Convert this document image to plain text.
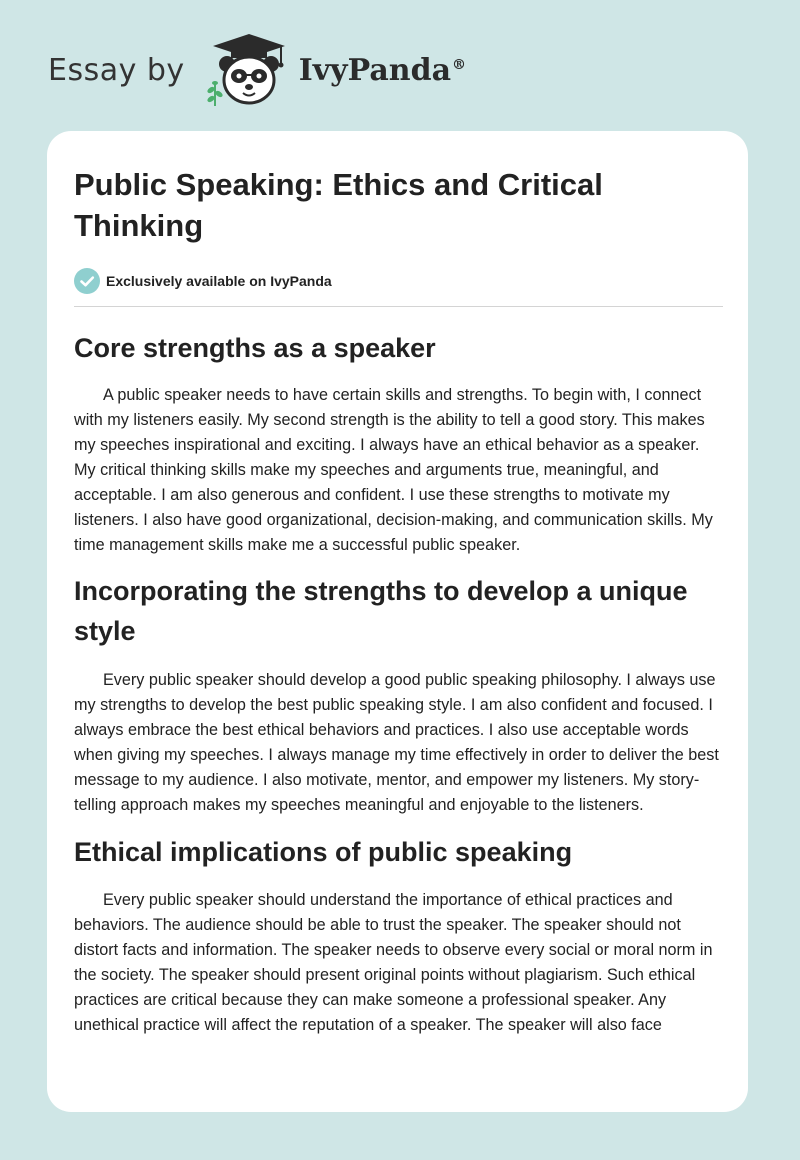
Essay by	IvyPanda®
Public Speaking: Ethics and Critical Thinking
Exclusively available on IvyPanda
Core strengths as a speaker

A public speaker needs to have certain skills and strengths. To begin with, I connect with my listeners easily. My second strength is the ability to tell a good story. This makes my speeches inspirational and exciting. I always have an ethical behavior as a speaker. My critical thinking skills make my speeches and arguments true, meaningful, and acceptable. I am also generous and confident. I use these strengths to motivate my listeners. I also have good organizational, decision-making, and communication skills. My time management skills make me a successful public speaker.

Incorporating the strengths to develop a unique style

Every public speaker should develop a good public speaking philosophy. I always use my strengths to develop the best public speaking style. I am also confident and focused. I always embrace the best ethical behaviors and practices. I also use acceptable words when giving my speeches. I always manage my time effectively in order to deliver the best message to my audience. I also motivate, mentor, and empower my listeners. My story-telling approach makes my speeches meaningful and enjoyable to the listeners.

Ethical implications of public speaking

Every public speaker should understand the importance of ethical practices and behaviors. The audience should be able to trust the speaker. The speaker should not distort facts and information. The speaker needs to observe every social or moral norm in the society. The speaker should present original points without plagiarism. Such ethical practices are critical because they can make someone a professional speaker. Any unethical practice will affect the reputation of a speaker. The speaker will also face
